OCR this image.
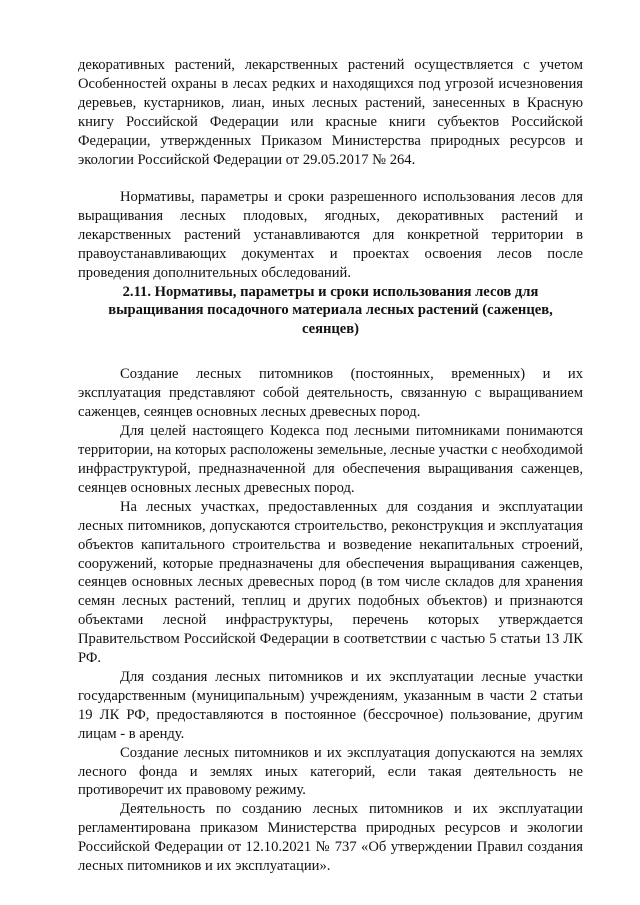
декоративных растений, лекарственных растений осуществляется с учетом Особенностей охраны в лесах редких и находящихся под угрозой исчезновения деревьев, кустарников, лиан, иных лесных растений, занесенных в Красную книгу Российской Федерации или красные книги субъектов Российской Федерации, утвержденных Приказом Министерства природных ресурсов и экологии Российской Федерации от 29.05.2017 № 264.

Нормативы, параметры и сроки разрешенного использования лесов для выращивания лесных плодовых, ягодных, декоративных растений и лекарственных растений устанавливаются для конкретной территории в правоустанавливающих документах и проектах освоения лесов после проведения дополнительных обследований.

2.11. Нормативы, параметры и сроки использования лесов для выращивания посадочного материала лесных растений (саженцев, сеянцев)

Создание лесных питомников (постоянных, временных) и их эксплуатация представляют собой деятельность, связанную с выращиванием саженцев, сеянцев основных лесных древесных пород.

Для целей настоящего Кодекса под лесными питомниками понимаются территории, на которых расположены земельные, лесные участки с необходимой инфраструктурой, предназначенной для обеспечения выращивания саженцев, сеянцев основных лесных древесных пород.

На лесных участках, предоставленных для создания и эксплуатации лесных питомников, допускаются строительство, реконструкция и эксплуатация объектов капитального строительства и возведение некапитальных строений, сооружений, которые предназначены для обеспечения выращивания саженцев, сеянцев основных лесных древесных пород (в том числе складов для хранения семян лесных растений, теплиц и других подобных объектов) и признаются объектами лесной инфраструктуры, перечень которых утверждается Правительством Российской Федерации в соответствии с частью 5 статьи 13 ЛК РФ.

Для создания лесных питомников и их эксплуатации лесные участки государственным (муниципальным) учреждениям, указанным в части 2 статьи 19 ЛК РФ, предоставляются в постоянное (бессрочное) пользование, другим лицам - в аренду.

Создание лесных питомников и их эксплуатация допускаются на землях лесного фонда и землях иных категорий, если такая деятельность не противоречит их правовому режиму.

Деятельность по созданию лесных питомников и их эксплуатации регламентирована приказом Министерства природных ресурсов и экологии Российской Федерации от 12.10.2021 № 737 «Об утверждении Правил создания лесных питомников и их эксплуатации».
